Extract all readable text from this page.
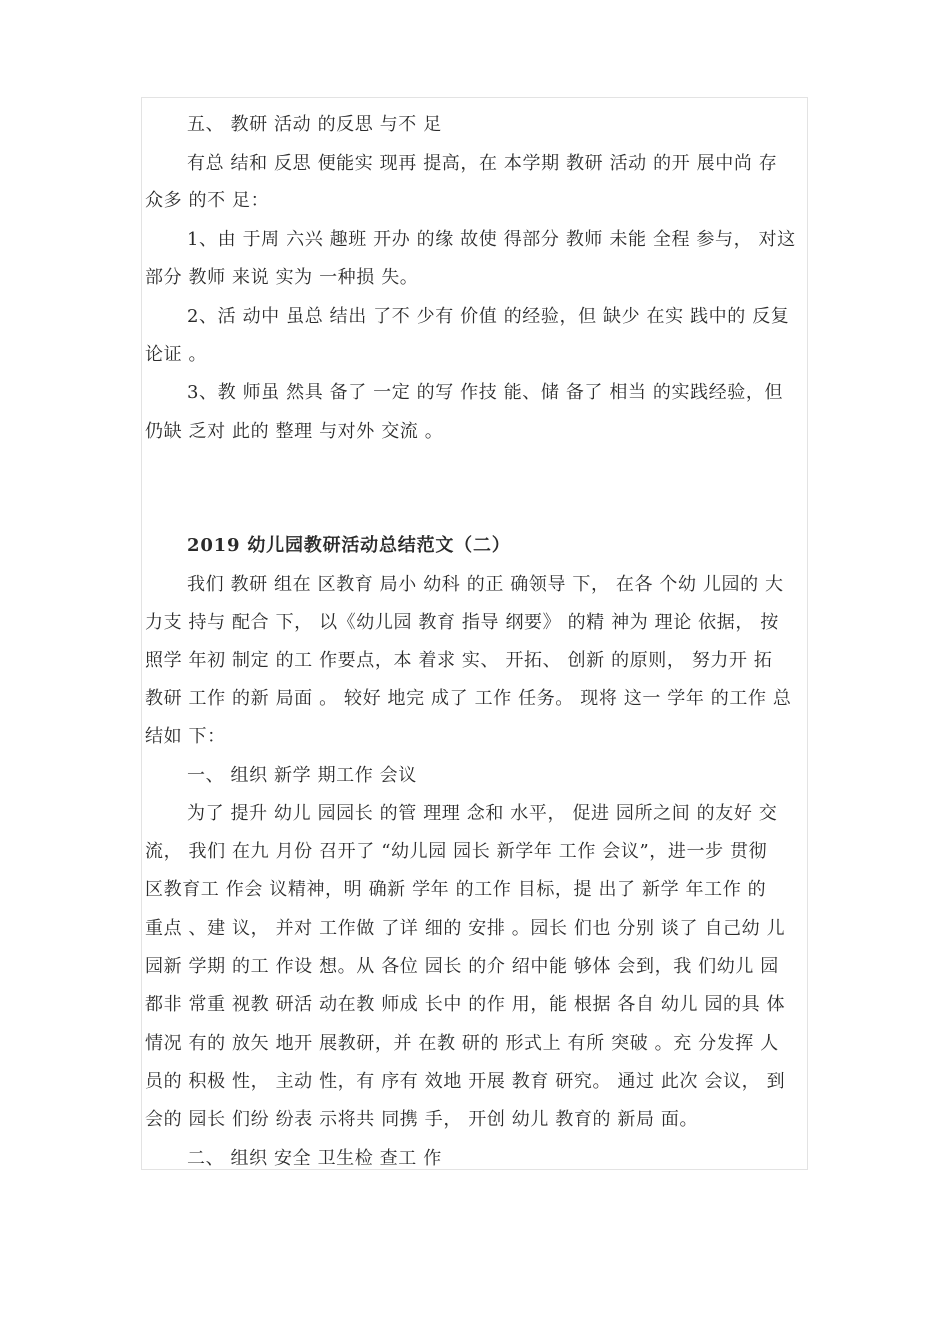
五、 教研 活动 的反思 与不 足
有总 结和 反思 便能实 现再 提高，在 本学期 教研 活动 的开 展中尚 存
众多 的不 足：
1、由 于周 六兴 趣班 开办 的缘 故使 得部分 教师 未能 全程 参与， 对这
部分 教师 来说 实为 一种损 失。
2、活 动中 虽总 结出 了不 少有 价值 的经验，但 缺少 在实 践中的 反复
论证 。
3、教 师虽 然具 备了 一定 的写 作技 能、储 备了 相当 的实践经验，但
仍缺 乏对 此的 整理 与对外 交流 。
2019 幼儿园教研活动总结范文（二）
我们 教研 组在 区教育 局小 幼科 的正 确领导 下， 在各 个幼 儿园的 大
力支 持与 配合 下， 以《幼儿园 教育 指导 纲要》 的精 神为 理论 依据， 按
照学 年初 制定 的工 作要点，本 着求 实、 开拓、 创新 的原则， 努力开 拓
教研 工作 的新 局面 。 较好 地完 成了 工作 任务。 现将 这一 学年 的工作 总
结如 下：
一、 组织 新学 期工作 会议
为了 提升 幼儿 园园长 的管 理理 念和 水平， 促进 园所之间 的友好 交
流， 我们 在九 月份 召开了 “幼儿园 园长 新学年 工作 会议”，进一步 贯彻
区教育工 作会 议精神，明 确新 学年 的工作 目标，提 出了 新学 年工作 的
重点 、建 议， 并对 工作做 了详 细的 安排 。园长 们也 分别 谈了 自己幼 儿
园新 学期 的工 作设 想。从 各位 园长 的介 绍中能 够体 会到，我 们幼儿 园
都非 常重 视教 研活 动在教 师成 长中 的作 用，能 根据 各自 幼儿 园的具 体
情况 有的 放矢 地开 展教研，并 在教 研的 形式上 有所 突破 。充 分发挥 人
员的 积极 性， 主动 性，有 序有 效地 开展 教育 研究。 通过 此次 会议， 到
会的 园长 们纷 纷表 示将共 同携 手， 开创 幼儿 教育的 新局 面。
二、 组织 安全 卫生检 查工 作
